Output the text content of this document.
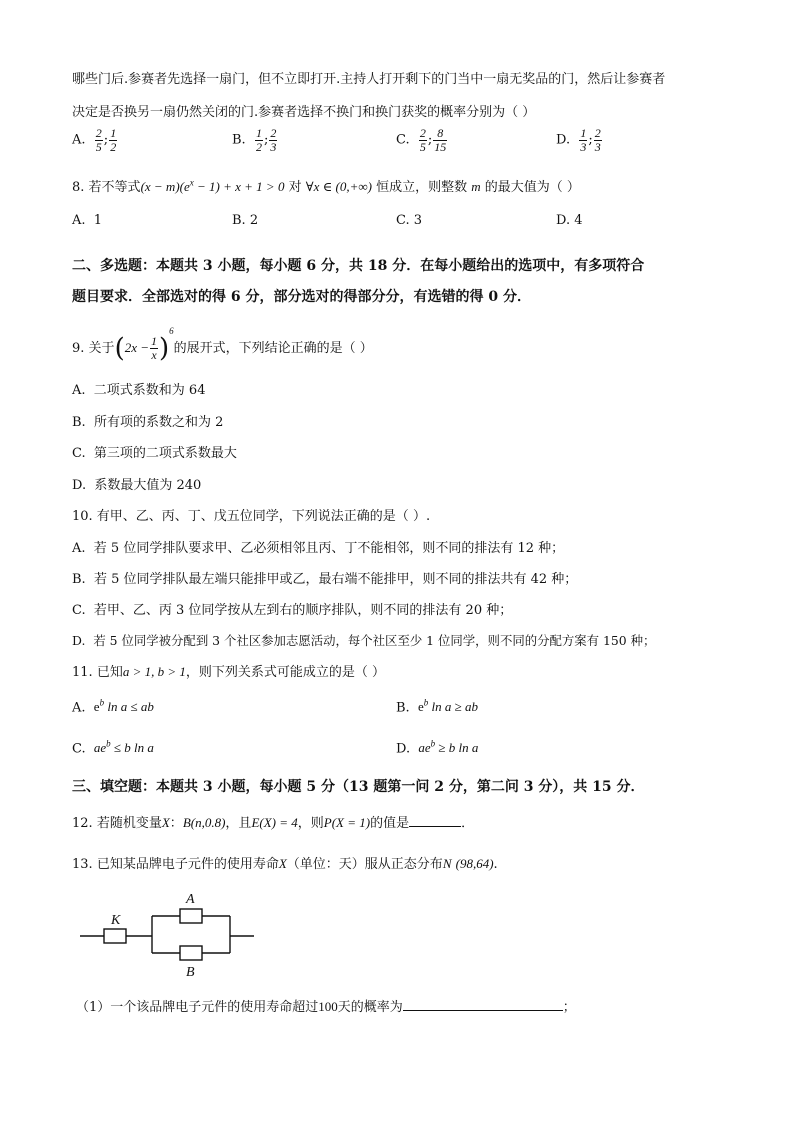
哪些门后.参赛者先选择一扇门，但不立即打开.主持人打开剩下的门当中一扇无奖品的门，然后让参赛者
决定是否换另一扇仍然关闭的门.参赛者选择不换门和换门获奖的概率分别为（ ）
A. $\frac{2}{5}$ ; $\frac{1}{2}$	B. $\frac{1}{2}$ ; $\frac{2}{3}$	C. $\frac{2}{5}$ ; $\frac{8}{15}$	D. $\frac{1}{3}$ ; $\frac{2}{3}$
8. 若不等式$(x - m)(e^x - 1) + x + 1 > 0$ 对 ∀x ∈ (0,+∞) 恒成立，则整数 m 的最大值为（ ）
A. 1	B. 2	C. 3	D. 4
二、多选题：本题共 3 小题，每小题 6 分，共 18 分．在每小题给出的选项中，有多项符合
题目要求．全部选对的得 6 分，部分选对的得部分分，有选错的得 0 分．
9. 关于$(2x - \frac{1}{x} )^6$的展开式，下列结论正确的是（ ）
A. 二项式系数和为 64
B. 所有项的系数之和为 2
C. 第三项的二项式系数最大
D. 系数最大值为 240
10. 有甲、乙、丙、丁、戊五位同学，下列说法正确的是（ ）.
A. 若 5 位同学排队要求甲、乙必须相邻且丙、丁不能相邻，则不同的排法有 12 种；
B. 若 5 位同学排队最左端只能排甲或乙，最右端不能排甲，则不同的排法共有 42 种；
C. 若甲、乙、丙 3 位同学按从左到右的顺序排队，则不同的排法有 20 种；
D. 若 5 位同学被分配到 3 个社区参加志愿活动，每个社区至少 1 位同学，则不同的分配方案有 150 种；
11. 已知a > 1, b > 1，则下列关系式可能成立的是（ ）
A. $e^b$ ln a ≤ ab	B. $e^b$ ln a ≥ ab
C. $ae^b \le b$ ln a	D. $ae^b \ge b$ ln a
三、填空题：本题共 3 小题，每小题 5 分（13 题第一问 2 分，第二问 3 分），共 15 分．
12. 若随机变量X：B(n,0.8)，且E(X) = 4，则P(X = 1)的值是	．
13. 已知某品牌电子元件的使用寿命X（单位：天）服从正态分布N (98,64).
K
A
B
（1）一个该品牌电子元件的使用寿命超过100天的概率为	；
